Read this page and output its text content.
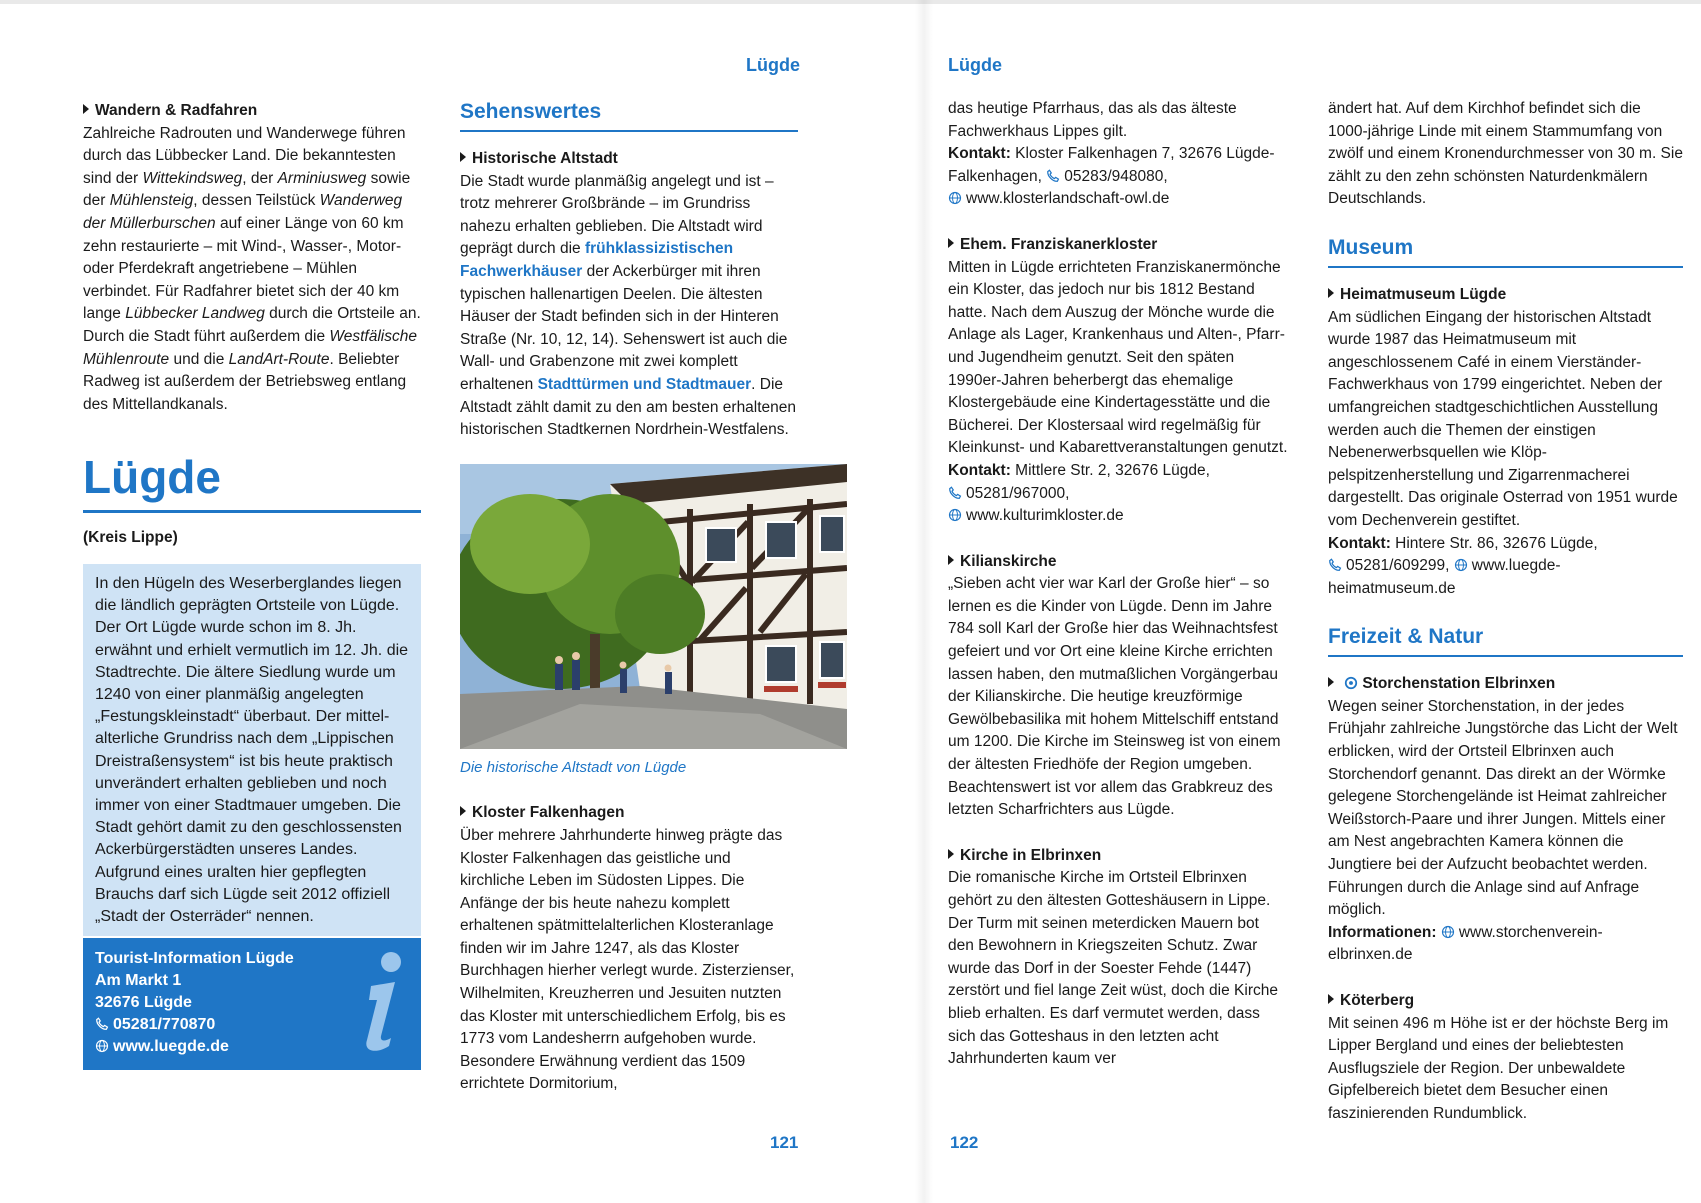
Lügde	Lügde
Wandern & Radfahren

Zahlreiche Radrouten und Wanderwege führen durch das Lübbecker Land. Die bekanntesten sind der Wittekindsweg, der Arminiusweg sowie der Mühlensteig, dessen Teilstück Wanderweg der Müllerburschen auf einer Länge von 60 km zehn restaurierte – mit Wind-, Wasser-, Motor- oder Pferdekraft angetriebene – Mühlen verbindet. Für Radfahrer bietet sich der 40 km lange Lübbecker Landweg durch die Ortsteile an. Durch die Stadt führt außerdem die Westfälische Mühlenroute und die LandArt-Route. Beliebter Radweg ist außerdem der Betriebsweg entlang des Mittellandkanals.

Lügde
(Kreis Lippe)
In den Hügeln des Weserberglandes liegen die ländlich geprägten Ortsteile von Lügde. Der Ort Lügde wurde schon im 8. Jh. erwähnt und erhielt vermutlich im 12. Jh. die Stadtrechte. Die ältere Siedlung wurde um 1240 von einer planmäßig angelegten „Festungskleinstadt“ überbaut. Der mittelalterliche Grundriss nach dem „Lippischen Dreistraßensystem“ ist bis heute praktisch unverändert erhalten geblieben und noch immer von einer Stadtmauer umgeben. Die Stadt gehört damit zu den geschlossensten Ackerbürgerstädten unseres Landes. Aufgrund eines uralten hier gepflegten Brauchs darf sich Lügde seit 2012 offiziell „Stadt der Osterräder“ nennen.
Tourist-Information Lügde
Am Markt 1
32676 Lügde
05281/770870
www.luegde.de
Sehenswertes
Historische Altstadt

Die Stadt wurde planmäßig angelegt und ist – trotz mehrerer Großbrände – im Grundriss nahezu erhalten geblieben. Die Altstadt wird geprägt durch die frühklassizistischen Fachwerkhäuser der Ackerbürger mit ihren typischen hallenartigen Deelen. Die ältesten Häuser der Stadt befinden sich in der Hinteren Straße (Nr. 10, 12, 14). Sehenswert ist auch die Wall- und Grabenzone mit zwei komplett erhaltenen Stadttürmen und Stadtmauer. Die Altstadt zählt damit zu den am besten erhaltenen historischen Stadtkernen Nordrhein-Westfalens.

Die historische Altstadt von Lügde
Kloster Falkenhagen

Über mehrere Jahrhunderte hinweg prägte das Kloster Falkenhagen das geistliche und kirchliche Leben im Südosten Lippes. Die Anfänge der bis heute nahezu komplett erhaltenen spätmittelalterlichen Klosteranlage finden wir im Jahre 1247, als das Kloster Burchhagen hierher verlegt wurde. Zisterzienser, Wilhelmiten, Kreuzherren und Jesuiten nutzten das Kloster mit unterschiedlichem Erfolg, bis es 1773 vom Landesherrn aufgehoben wurde. Besondere Erwähnung verdient das 1509 errichtete Dormitorium,

das heutige Pfarrhaus, das als das älteste Fachwerkhaus Lippes gilt.
Kontakt: Kloster Falkenhagen 7, 32676 Lügde-Falkenhagen,
05283/948080,

www.klosterlandschaft-owl.de

Ehem. Franziskanerkloster

Mitten in Lügde errichteten Franziskanermönche ein Kloster, das jedoch nur bis 1812 Bestand hatte. Nach dem Auszug der Mönche wurde die Anlage als Lager, Krankenhaus und Alten-, Pfarr- und Jugendheim genutzt. Seit den späten 1990er-Jahren beherbergt das ehemalige Klostergebäude eine Kindertagesstätte und die Bücherei. Der Klostersaal wird regelmäßig für Kleinkunst- und Kabarettveranstaltungen genutzt.
Kontakt: Mittlere Str. 2, 32676 Lügde,

05281/967000,

www.kulturimkloster.de

Kilianskirche

„Sieben acht vier war Karl der Große hier“ – so lernen es die Kinder von Lügde. Denn im Jahre 784 soll Karl der Große hier das Weihnachtsfest gefeiert und vor Ort eine kleine Kirche errichten lassen haben, den mutmaßlichen Vorgängerbau der Kilianskirche. Die heutige kreuzförmige Gewölbebasilika mit hohem Mittelschiff entstand um 1200. Die Kirche im Steinsweg ist von einem der ältesten Friedhöfe der Region umgeben. Beachtenswert ist vor allem das Grabkreuz des letzten Scharfrichters aus Lügde.

Kirche in Elbrinxen

Die romanische Kirche im Ortsteil Elbrinxen gehört zu den ältesten Gotteshäusern in Lippe. Der Turm mit seinen meterdicken Mauern bot den Bewohnern in Kriegszeiten Schutz. Zwar wurde das Dorf in der Soester Fehde (1447) zerstört und fiel lange Zeit wüst, doch die Kirche blieb erhalten. Es darf vermutet werden, dass sich das Gotteshaus in den letzten acht Jahrhunderten kaum ver

ändert hat. Auf dem Kirchhof befindet sich die 1000-jährige Linde mit einem Stammumfang von zwölf und einem Kronendurchmesser von 30 m. Sie zählt zu den zehn schönsten Naturdenkmälern Deutschlands.

Museum
Heimatmuseum Lügde

Am südlichen Eingang der historischen Altstadt wurde 1987 das Heimatmuseum mit angeschlossenem Café in einem Vierständer-Fachwerkhaus von 1799 eingerichtet. Neben der umfangreichen stadtgeschichtlichen Ausstellung werden auch die Themen der einstigen Nebenerwerbsquellen wie Klöppelspitzenherstellung und Zigarrenmacherei dargestellt. Das originale Osterrad von 1951 wurde vom Dechenverein gestiftet.
Kontakt: Hintere Str. 86, 32676 Lügde,

05281/609299,
www.luegde-heimatmuseum.de

Freizeit & Natur

Storchenstation Elbrinxen

Wegen seiner Storchenstation, in der jedes Frühjahr zahlreiche Jungstörche das Licht der Welt erblicken, wird der Ortsteil Elbrinxen auch Storchendorf genannt. Das direkt an der Wörmke gelegene Storchengelände ist Heimat zahlreicher Weißstorch-Paare und ihrer Jungen. Mittels einer am Nest angebrachten Kamera können die Jungtiere bei der Aufzucht beobachtet werden. Führungen durch die Anlage sind auf Anfrage möglich.
Informationen: www.storchenverein-elbrinxen.de

Köterberg

Mit seinen 496 m Höhe ist er der höchste Berg im Lipper Bergland und eines der beliebtesten Ausflugsziele der Region. Der unbewaldete Gipfelbereich bietet dem Besucher einen faszinierenden Rundumblick.

121	122
